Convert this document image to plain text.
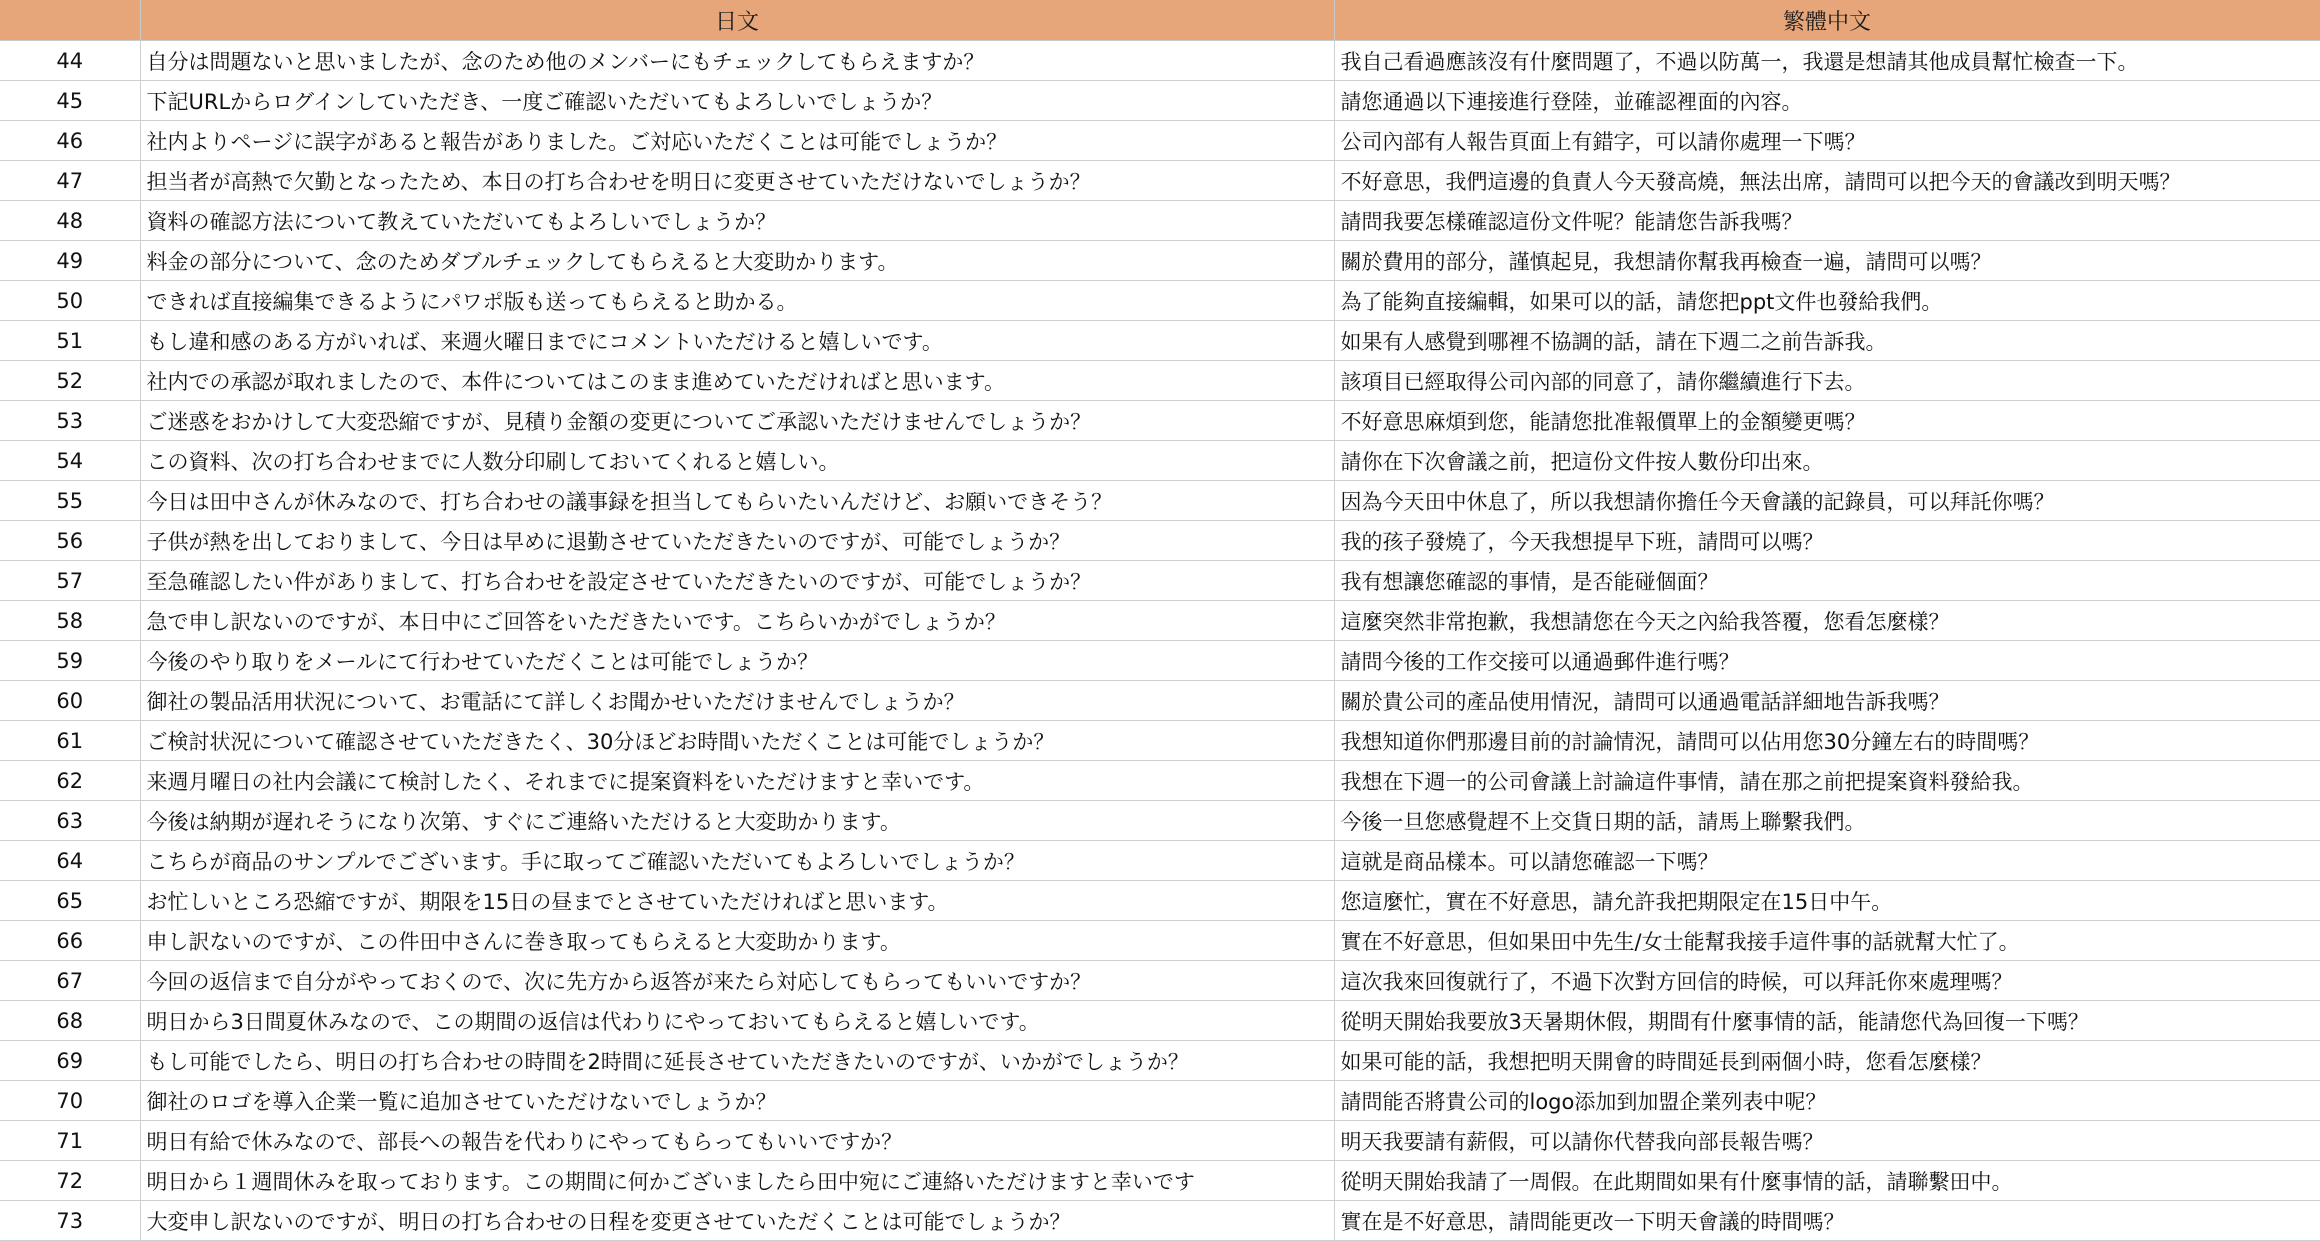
	日文	繁體中文
44	自分は問題ないと思いましたが、念のため他のメンバーにもチェックしてもらえますか？	我自己看過應該沒有什麼問題了，不過以防萬一，我還是想請其他成員幫忙檢查一下。
45	下記URLからログインしていただき、一度ご確認いただいてもよろしいでしょうか？	請您通過以下連接進行登陸，並確認裡面的內容。
46	社内よりページに誤字があると報告がありました。ご対応いただくことは可能でしょうか？	公司內部有人報告頁面上有錯字，可以請你處理一下嗎？
47	担当者が高熱で欠勤となったため、本日の打ち合わせを明日に変更させていただけないでしょうか？	不好意思，我們這邊的負責人今天發高燒，無法出席，請問可以把今天的會議改到明天嗎？
48	資料の確認方法について教えていただいてもよろしいでしょうか？	請問我要怎樣確認這份文件呢？能請您告訴我嗎？
49	料金の部分について、念のためダブルチェックしてもらえると大変助かります。	關於費用的部分，謹慎起見，我想請你幫我再檢查一遍，請問可以嗎？
50	できれば直接編集できるようにパワポ版も送ってもらえると助かる。	為了能夠直接編輯，如果可以的話，請您把ppt文件也發給我們。
51	もし違和感のある方がいれば、来週火曜日までにコメントいただけると嬉しいです。	如果有人感覺到哪裡不協調的話，請在下週二之前告訴我。
52	社内での承認が取れましたので、本件についてはこのまま進めていただければと思います。	該項目已經取得公司內部的同意了，請你繼續進行下去。
53	ご迷惑をおかけして大変恐縮ですが、見積り金額の変更についてご承認いただけませんでしょうか？	不好意思麻煩到您，能請您批准報價單上的金額變更嗎？
54	この資料、次の打ち合わせまでに人数分印刷しておいてくれると嬉しい。	請你在下次會議之前，把這份文件按人數份印出來。
55	今日は田中さんが休みなので、打ち合わせの議事録を担当してもらいたいんだけど、お願いできそう？	因為今天田中休息了，所以我想請你擔任今天會議的記錄員，可以拜託你嗎？
56	子供が熱を出しておりまして、今日は早めに退勤させていただきたいのですが、可能でしょうか？	我的孩子發燒了，今天我想提早下班，請問可以嗎？
57	至急確認したい件がありまして、打ち合わせを設定させていただきたいのですが、可能でしょうか？	我有想讓您確認的事情，是否能碰個面？
58	急で申し訳ないのですが、本日中にご回答をいただきたいです。こちらいかがでしょうか？	這麼突然非常抱歉，我想請您在今天之內給我答覆，您看怎麼樣？
59	今後のやり取りをメールにて行わせていただくことは可能でしょうか？	請問今後的工作交接可以通過郵件進行嗎？
60	御社の製品活用状況について、お電話にて詳しくお聞かせいただけませんでしょうか？	關於貴公司的產品使用情況，請問可以通過電話詳細地告訴我嗎？
61	ご検討状況について確認させていただきたく、30分ほどお時間いただくことは可能でしょうか？	我想知道你們那邊目前的討論情況，請問可以佔用您30分鐘左右的時間嗎？
62	来週月曜日の社内会議にて検討したく、それまでに提案資料をいただけますと幸いです。	我想在下週一的公司會議上討論這件事情，請在那之前把提案資料發給我。
63	今後は納期が遅れそうになり次第、すぐにご連絡いただけると大変助かります。	今後一旦您感覺趕不上交貨日期的話，請馬上聯繫我們。
64	こちらが商品のサンプルでございます。手に取ってご確認いただいてもよろしいでしょうか？	這就是商品樣本。可以請您確認一下嗎？
65	お忙しいところ恐縮ですが、期限を15日の昼までとさせていただければと思います。	您這麼忙，實在不好意思，請允許我把期限定在15日中午。
66	申し訳ないのですが、この件田中さんに巻き取ってもらえると大変助かります。	實在不好意思，但如果田中先生/女士能幫我接手這件事的話就幫大忙了。
67	今回の返信まで自分がやっておくので、次に先方から返答が来たら対応してもらってもいいですか？	這次我來回復就行了，不過下次對方回信的時候，可以拜託你來處理嗎？
68	明日から3日間夏休みなので、この期間の返信は代わりにやっておいてもらえると嬉しいです。	從明天開始我要放3天暑期休假，期間有什麼事情的話，能請您代為回復一下嗎？
69	もし可能でしたら、明日の打ち合わせの時間を2時間に延長させていただきたいのですが、いかがでしょうか？	如果可能的話，我想把明天開會的時間延長到兩個小時，您看怎麼樣？
70	御社のロゴを導入企業一覧に追加させていただけないでしょうか？	請問能否將貴公司的logo添加到加盟企業列表中呢？
71	明日有給で休みなので、部長への報告を代わりにやってもらってもいいですか？	明天我要請有薪假，可以請你代替我向部長報告嗎？
72	明日から１週間休みを取っております。この期間に何かございましたら田中宛にご連絡いただけますと幸いです	從明天開始我請了一周假。在此期間如果有什麼事情的話，請聯繫田中。
73	大変申し訳ないのですが、明日の打ち合わせの日程を変更させていただくことは可能でしょうか？	實在是不好意思，請問能更改一下明天會議的時間嗎？
